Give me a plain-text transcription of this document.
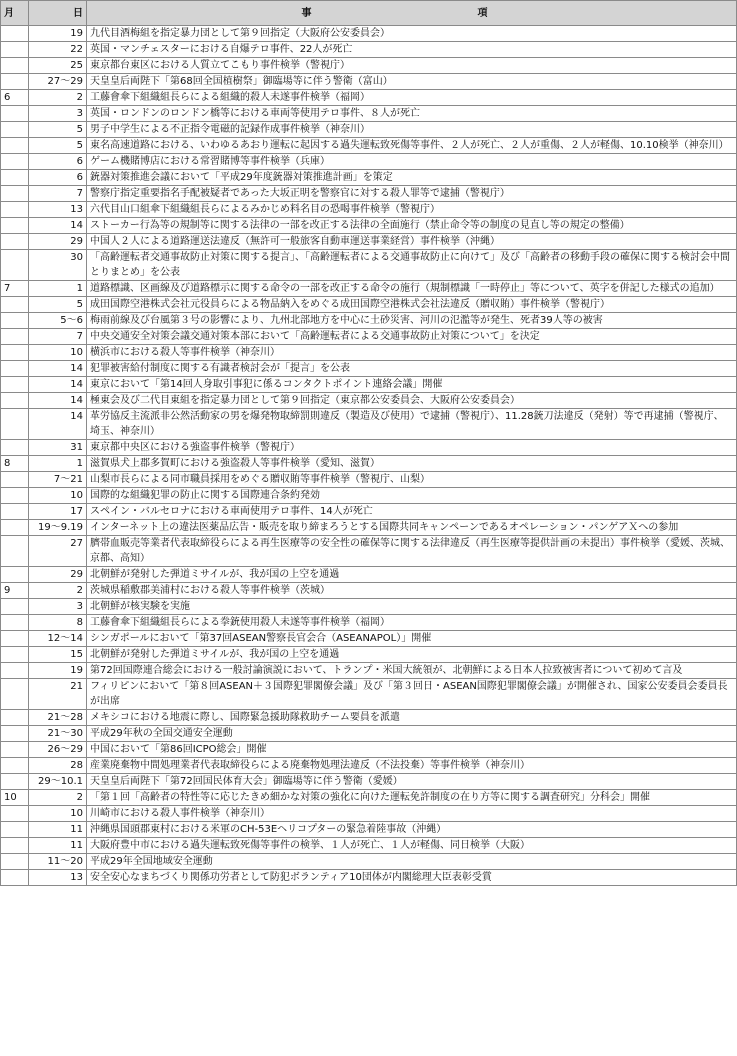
月	日	事　　　項
	19	九代目酒梅組を指定暴力団として第９回指定（大阪府公安委員会）
	22	英国・マンチェスターにおける自爆テロ事件、22人が死亡
	25	東京都台東区における人質立てこもり事件検挙（警視庁）
	27～29	天皇皇后両陛下「第68回全国植樹祭」御臨場等に伴う警衛（富山）
6	2	工藤會傘下組織組長らによる組織的殺人未遂事件検挙（福岡）
	3	英国・ロンドンのロンドン橋等における車両等使用テロ事件、８人が死亡
	5	男子中学生による不正指令電磁的記録作成事件検挙（神奈川）
	5	東名高速道路における、いわゆるあおり運転に起因する過失運転致死傷等事件、２人が死亡、２人が重傷、２人が軽傷、10.10検挙（神奈川）
	6	ゲーム機賭博店における常習賭博等事件検挙（兵庫）
	6	銃器対策推進会議において「平成29年度銃器対策推進計画」を策定
	7	警察庁指定重要指名手配被疑者であった大坂正明を警察官に対する殺人罪等で逮捕（警視庁）
	13	六代目山口組傘下組織組長らによるみかじめ料名目の恐喝事件検挙（警視庁）
	14	ストーカー行為等の規制等に関する法律の一部を改正する法律の全面施行（禁止命令等の制度の見直し等の規定の整備）
	29	中国人２人による道路運送法違反（無許可一般旅客自動車運送事業経営）事件検挙（沖縄）
	30	「高齢運転者交通事故防止対策に関する提言」、「高齢運転者による交通事故防止に向けて」及び「高齢者の移動手段の確保に関する検討会中間とりまとめ」を公表
7	1	道路標識、区画線及び道路標示に関する命令の一部を改正する命令の施行（規制標識「一時停止」等について、英字を併記した様式の追加）
	5	成田国際空港株式会社元役員らによる物品納入をめぐる成田国際空港株式会社法違反（贈収賄）事件検挙（警視庁）
	5～6	梅雨前線及び台風第３号の影響により、九州北部地方を中心に土砂災害、河川の氾濫等が発生、死者39人等の被害
	7	中央交通安全対策会議交通対策本部において「高齢運転者による交通事故防止対策について」を決定
	10	横浜市における殺人等事件検挙（神奈川）
	14	犯罪被害給付制度に関する有識者検討会が「提言」を公表
	14	東京において「第14回人身取引事犯に係るコンタクトポイント連絡会議」開催
	14	極東会及び二代目東組を指定暴力団として第９回指定（東京都公安委員会、大阪府公安委員会）
	14	革労協反主流派非公然活動家の男を爆発物取締罰則違反（製造及び使用）で逮捕（警視庁）、11.28銃刀法違反（発射）等で再逮捕（警視庁、埼玉、神奈川）
	31	東京都中央区における強盗事件検挙（警視庁）
8	1	滋賀県犬上郡多賀町における強盗殺人等事件検挙（愛知、滋賀）
	7～21	山梨市長らによる同市職員採用をめぐる贈収賄等事件検挙（警視庁、山梨）
	10	国際的な組織犯罪の防止に関する国際連合条約発効
	17	スペイン・バルセロナにおける車両使用テロ事件、14人が死亡
	19～9.19	インターネット上の違法医薬品広告・販売を取り締まろうとする国際共同キャンペーンであるオペレーション・パンゲアＸへの参加
	27	臍帯血販売等業者代表取締役らによる再生医療等の安全性の確保等に関する法律違反（再生医療等提供計画の未提出）事件検挙（愛媛、茨城、京都、高知）
	29	北朝鮮が発射した弾道ミサイルが、我が国の上空を通過
9	2	茨城県稲敷郡美浦村における殺人等事件検挙（茨城）
	3	北朝鮮が核実験を実施
	8	工藤會傘下組織組長らによる拳銃使用殺人未遂等事件検挙（福岡）
	12～14	シンガポールにおいて「第37回ASEAN警察長官会合（ASEANAPOL）」開催
	15	北朝鮮が発射した弾道ミサイルが、我が国の上空を通過
	19	第72回国際連合総会における一般討論演説において、トランプ・米国大統領が、北朝鮮による日本人拉致被害者について初めて言及
	21	フィリピンにおいて「第８回ASEAN＋３国際犯罪閣僚会議」及び「第３回日・ASEAN国際犯罪閣僚会議」が開催され、国家公安委員会委員長が出席
	21～28	メキシコにおける地震に際し、国際緊急援助隊救助チーム要員を派遣
	21～30	平成29年秋の全国交通安全運動
	26～29	中国において「第86回ICPO総会」開催
	28	産業廃棄物中間処理業者代表取締役らによる廃棄物処理法違反（不法投棄）等事件検挙（神奈川）
	29～10.1	天皇皇后両陛下「第72回国民体育大会」御臨場等に伴う警衛（愛媛）
10	2	「第１回「高齢者の特性等に応じたきめ細かな対策の強化に向けた運転免許制度の在り方等に関する調査研究」分科会」開催
	10	川崎市における殺人事件検挙（神奈川）
	11	沖縄県国頭郡東村における米軍のCH-53Eヘリコプターの緊急着陸事故（沖縄）
	11	大阪府豊中市における過失運転致死傷等事件の検挙、１人が死亡、１人が軽傷、同日検挙（大阪）
	11～20	平成29年全国地域安全運動
	13	安全安心なまちづくり関係功労者として防犯ボランティア10団体が内閣総理大臣表彰受賞
